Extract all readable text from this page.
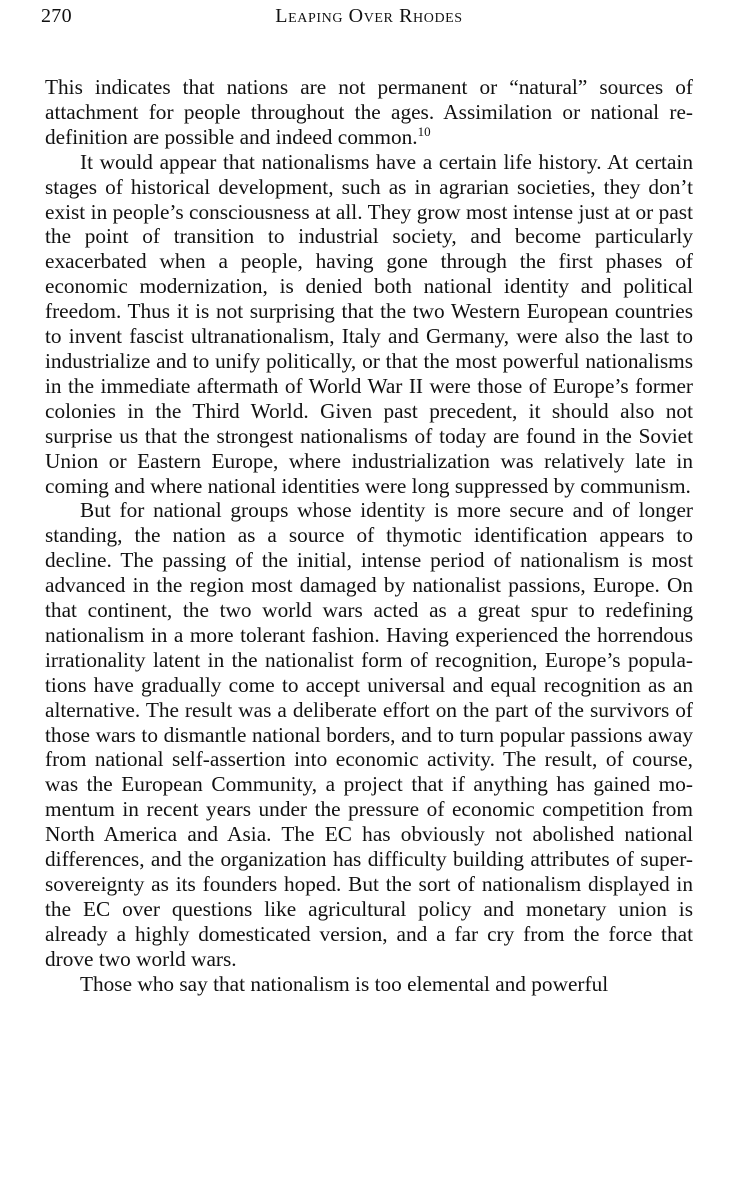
270	Leaping Over Rhodes

This indicates that nations are not permanent or “natural” sources of attachment for people throughout the ages. Assimilation or national re-definition are possible and indeed common.$^{10}$

It would appear that nationalisms have a certain life history. At certain stages of historical development, such as in agrarian societies, they don’t exist in people’s consciousness at all. They grow most intense just at or past the point of transition to industrial society, and become particularly exacerbated when a people, having gone through the first phases of economic modernization, is denied both national identity and political freedom. Thus it is not surprising that the two Western European countries to invent fascist ultranationalism, Italy and Germany, were also the last to industrialize and to unify politically, or that the most powerful nationalisms in the immediate aftermath of World War II were those of Europe’s former colonies in the Third World. Given past precedent, it should also not surprise us that the strongest nationalisms of today are found in the Soviet Union or Eastern Europe, where industrialization was relatively late in coming and where national identities were long suppressed by communism.

But for national groups whose identity is more secure and of longer standing, the nation as a source of thymotic identification appears to decline. The passing of the initial, intense period of nationalism is most advanced in the region most damaged by nationalist passions, Europe. On that continent, the two world wars acted as a great spur to redefining nationalism in a more tolerant fashion. Having experienced the horrendous irrationality latent in the nationalist form of recognition, Europe’s populations have gradually come to accept universal and equal recognition as an alternative. The result was a deliberate effort on the part of the survivors of those wars to dismantle national borders, and to turn popular passions away from national self-assertion into economic activity. The result, of course, was the European Community, a project that if anything has gained momentum in recent years under the pressure of economic competition from North America and Asia. The EC has obviously not abolished national differences, and the organization has difficulty building attributes of super-sovereignty as its founders hoped. But the sort of nationalism displayed in the EC over questions like agricultural policy and monetary union is already a highly domesticated version, and a far cry from the force that drove two world wars.

Those who say that nationalism is too elemental and powerful
